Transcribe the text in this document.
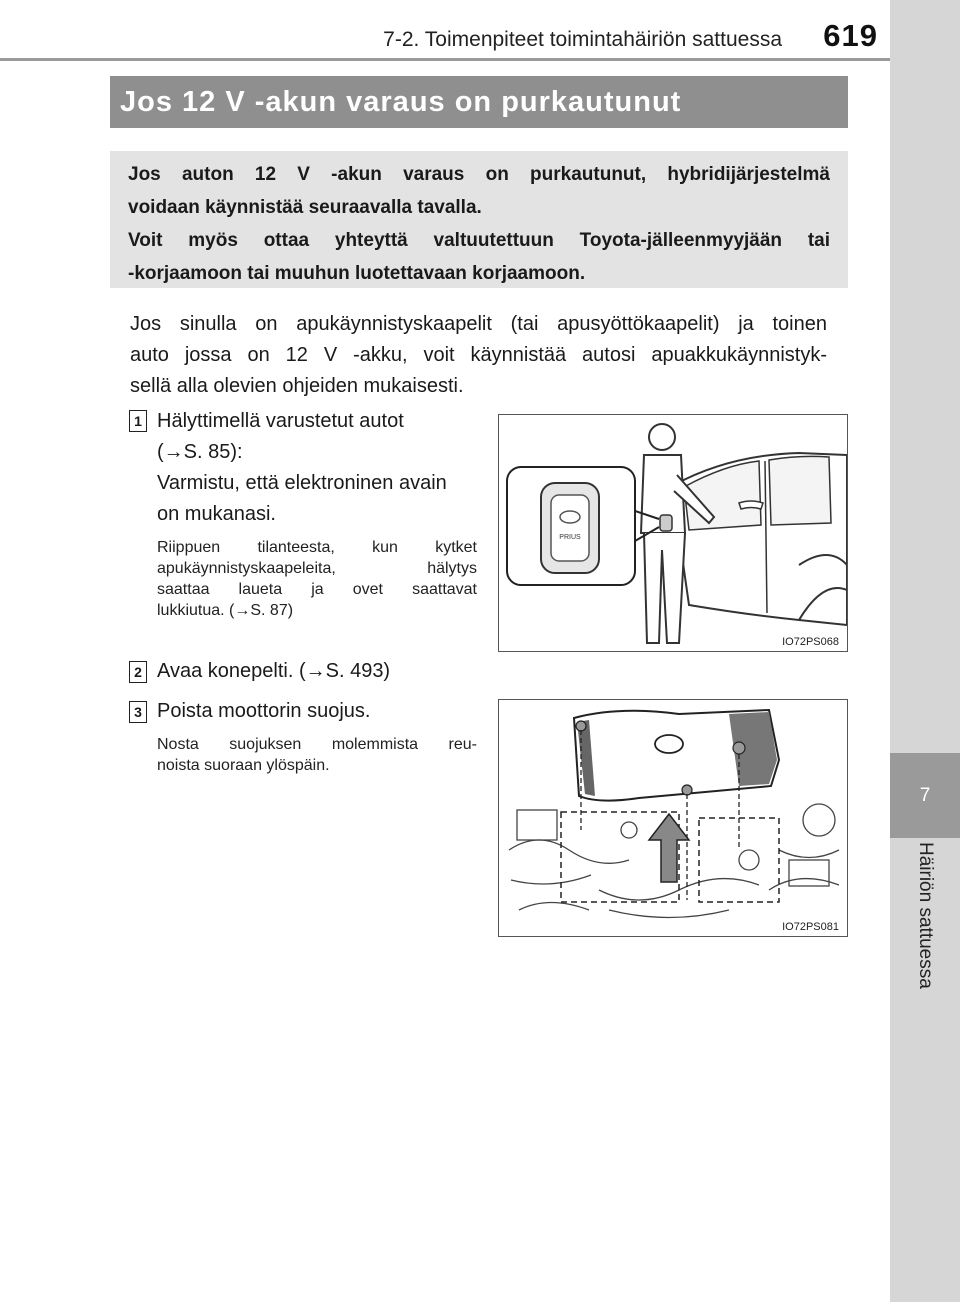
7-2. Toimenpiteet toimintahäiriön sattuessa 619
7
Häiriön sattuessa
Jos 12 V -akun varaus on purkautunut

Jos auton 12 V -akun varaus on purkautunut, hybridijärjestelmä

voidaan käynnistää seuraavalla tavalla.

Voit myös ottaa yhteyttä valtuutettuun Toyota-jälleenmyyjään tai

-korjaamoon tai muuhun luotettavaan korjaamoon.

Jos sinulla on apukäynnistyskaapelit (tai apusyöttökaapelit) ja toinen

auto jossa on 12 V -akku, voit käynnistää autosi apuakkukäynnistyk-

sellä alla olevien ohjeiden mukaisesti.

1 Hälyttimellä varustetut autot
(→S. 85):
Varmistu, että elektroninen avain
on mukanasi.

Riippuen tilanteesta, kun kytket

apukäynnistyskaapeleita, hälytys

saattaa laueta ja ovet saattavat

lukkiutua. (→S. 87)

PRIUS
IO72PS068
2 Avaa konepelti. (→S. 493)
3 Poista moottorin suojus.

Nosta suojuksen molemmista reu-

noista suoraan ylöspäin.

IO72PS081
